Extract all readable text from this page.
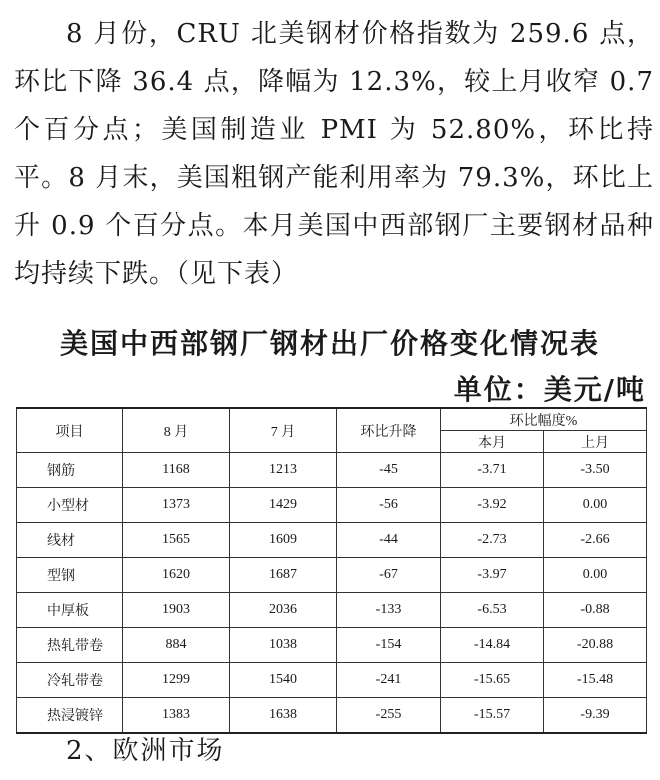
8 月份，CRU 北美钢材价格指数为 259.6 点，环比下降 36.4 点，降幅为 12.3%，较上月收窄 0.7 个百分点；美国制造业 PMI 为 52.80%，环比持平。8 月末，美国粗钢产能利用率为 79.3%，环比上升 0.9 个百分点。本月美国中西部钢厂主要钢材品种均持续下跌。（见下表）

美国中西部钢厂钢材出厂价格变化情况表
单位：美元/吨
项目	8 月	7 月	环比升降	环比幅度%	
				本月	上月
钢筋	1168	1213	-45	-3.71	-3.50
小型材	1373	1429	-56	-3.92	0.00
线材	1565	1609	-44	-2.73	-2.66
型钢	1620	1687	-67	-3.97	0.00
中厚板	1903	2036	-133	-6.53	-0.88
热轧带卷	884	1038	-154	-14.84	-20.88
冷轧带卷	1299	1540	-241	-15.65	-15.48
热浸镀锌	1383	1638	-255	-15.57	-9.39
2、欧洲市场
